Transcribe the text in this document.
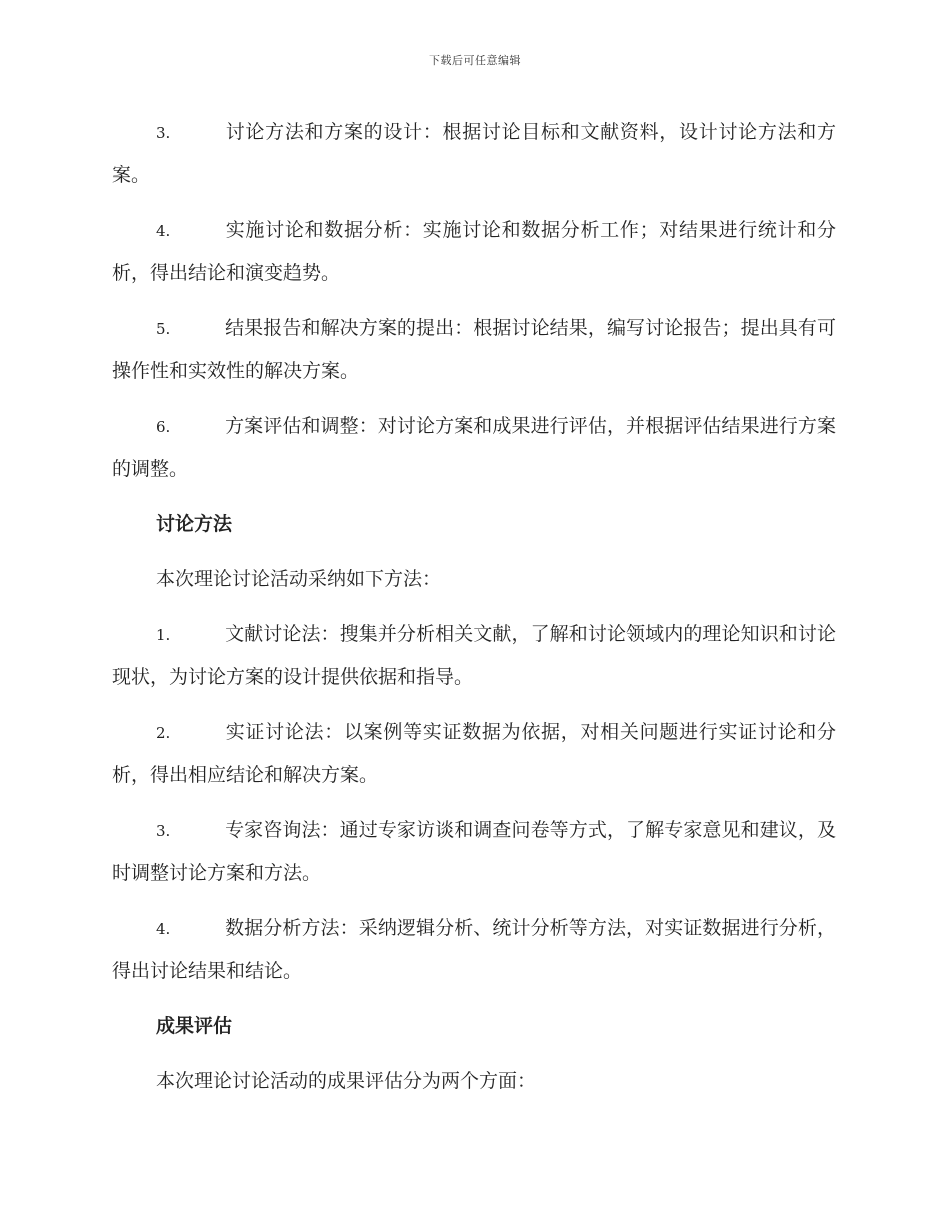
下载后可任意编辑
3.	讨论方法和方案的设计：根据讨论目标和文献资料，设计讨论方法和方案。
4.	实施讨论和数据分析：实施讨论和数据分析工作；对结果进行统计和分析，得出结论和演变趋势。
5.	结果报告和解决方案的提出：根据讨论结果，编写讨论报告；提出具有可操作性和实效性的解决方案。
6.	方案评估和调整：对讨论方案和成果进行评估，并根据评估结果进行方案的调整。
讨论方法
本次理论讨论活动采纳如下方法：
1.	文献讨论法：搜集并分析相关文献，了解和讨论领域内的理论知识和讨论现状，为讨论方案的设计提供依据和指导。
2.	实证讨论法：以案例等实证数据为依据，对相关问题进行实证讨论和分析，得出相应结论和解决方案。
3.	专家咨询法：通过专家访谈和调查问卷等方式，了解专家意见和建议，及时调整讨论方案和方法。
4.	数据分析方法：采纳逻辑分析、统计分析等方法，对实证数据进行分析，得出讨论结果和结论。
成果评估
本次理论讨论活动的成果评估分为两个方面：
